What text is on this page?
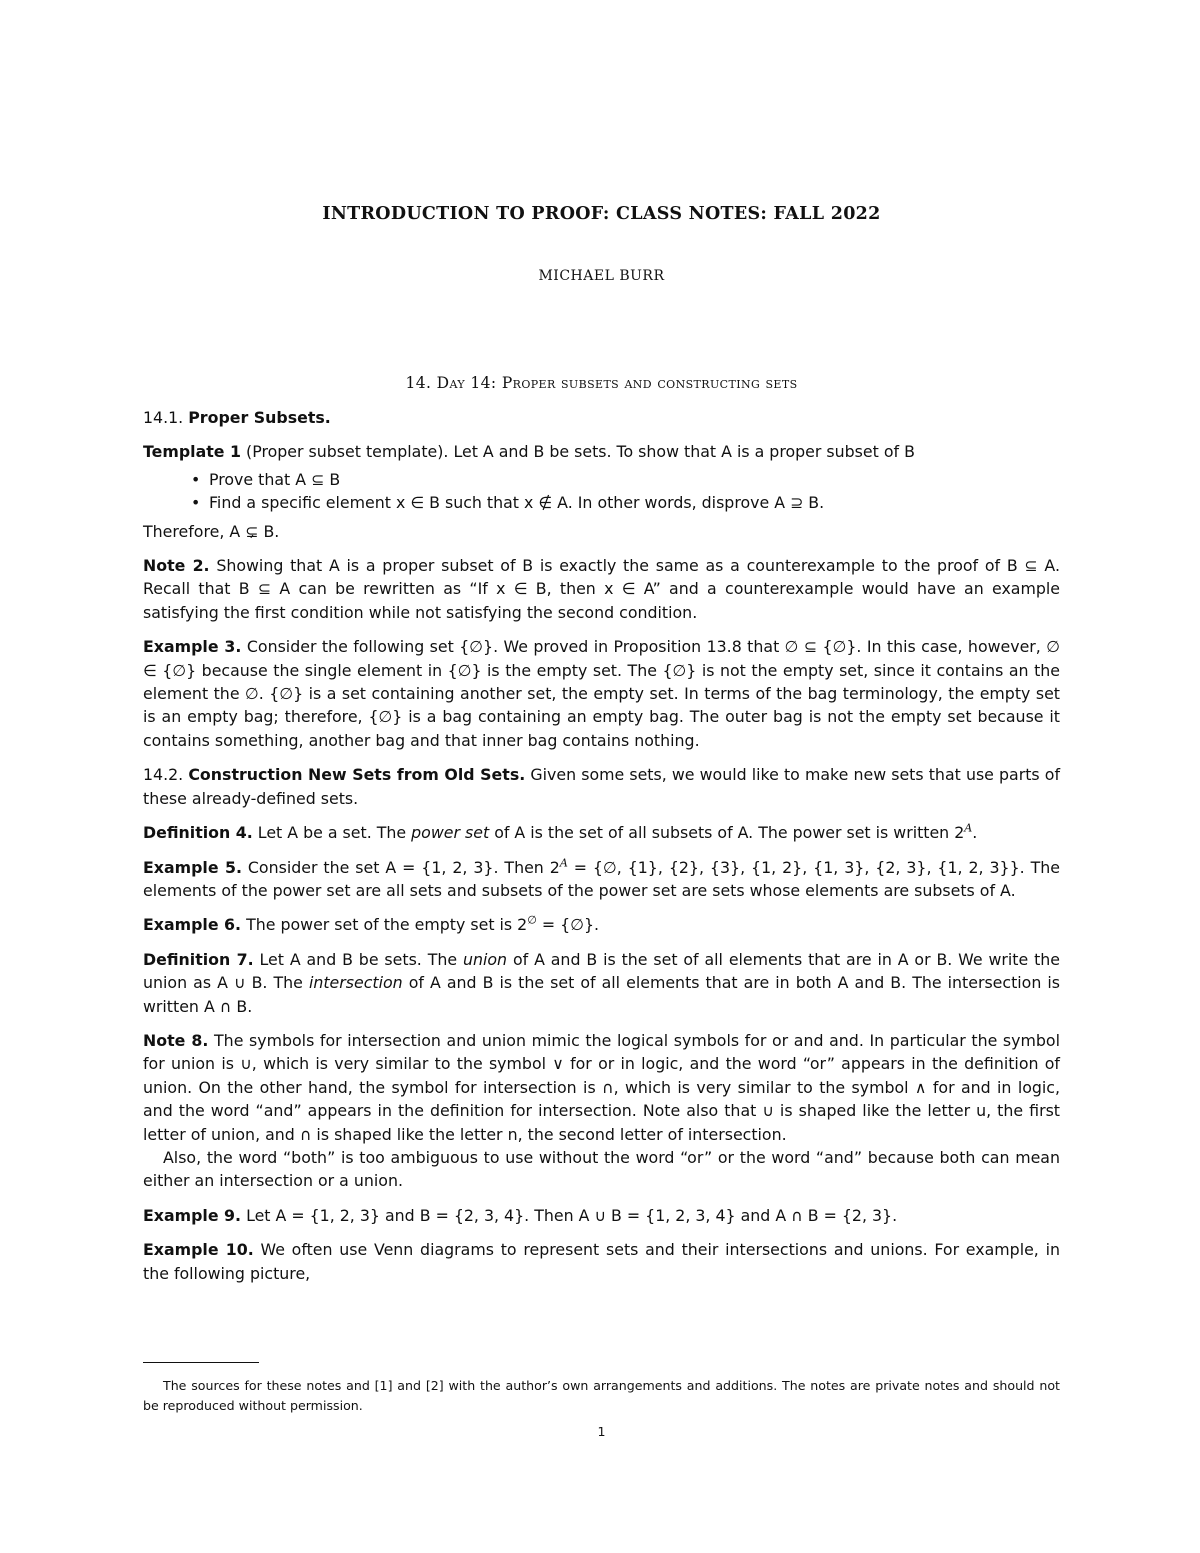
INTRODUCTION TO PROOF: CLASS NOTES: FALL 2022
MICHAEL BURR
14. Day 14: Proper subsets and constructing sets

14.1. Proper Subsets.

Template 1 (Proper subset template). Let A and B be sets. To show that A is a proper subset of B

• Prove that A ⊆ B
• Find a specific element x ∈ B such that x ∉ A. In other words, disprove A ⊇ B.

Therefore, A ⊊ B.

Note 2. Showing that A is a proper subset of B is exactly the same as a counterexample to the proof of B ⊆ A. Recall that B ⊆ A can be rewritten as “If x ∈ B, then x ∈ A” and a counterexample would have an example satisfying the first condition while not satisfying the second condition.

Example 3. Consider the following set {∅}. We proved in Proposition 13.8 that ∅ ⊆ {∅}. In this case, however, ∅ ∈ {∅} because the single element in {∅} is the empty set. The {∅} is not the empty set, since it contains an the element the ∅. {∅} is a set containing another set, the empty set. In terms of the bag terminology, the empty set is an empty bag; therefore, {∅} is a bag containing an empty bag. The outer bag is not the empty set because it contains something, another bag and that inner bag contains nothing.

14.2. Construction New Sets from Old Sets. Given some sets, we would like to make new sets that use parts of these already-defined sets.

Definition 4. Let A be a set. The power set of A is the set of all subsets of A. The power set is written $2^A$.

Example 5. Consider the set A = {1, 2, 3}. Then $2^A$ = {∅, {1}, {2}, {3}, {1, 2}, {1, 3}, {2, 3}, {1, 2, 3}}. The elements of the power set are all sets and subsets of the power set are sets whose elements are subsets of A.

Example 6. The power set of the empty set is 2∅ = {∅}.

Definition 7. Let A and B be sets. The union of A and B is the set of all elements that are in A or B. We write the union as A ∪ B. The intersection of A and B is the set of all elements that are in both A and B. The intersection is written A ∩ B.

Note 8. The symbols for intersection and union mimic the logical symbols for or and and. In particular the symbol for union is ∪, which is very similar to the symbol ∨ for or in logic, and the word “or” appears in the definition of union. On the other hand, the symbol for intersection is ∩, which is very similar to the symbol ∧ for and in logic, and the word “and” appears in the definition for intersection. Note also that ∪ is shaped like the letter u, the first letter of union, and ∩ is shaped like the letter n, the second letter of intersection.

Also, the word “both” is too ambiguous to use without the word “or” or the word “and” because both can mean either an intersection or a union.

Example 9. Let A = {1, 2, 3} and B = {2, 3, 4}. Then A ∪ B = {1, 2, 3, 4} and A ∩ B = {2, 3}.

Example 10. We often use Venn diagrams to represent sets and their intersections and unions. For example, in the following picture,

The sources for these notes and [1] and [2] with the author’s own arrangements and additions. The notes are private notes and should not be reproduced without permission.
1
